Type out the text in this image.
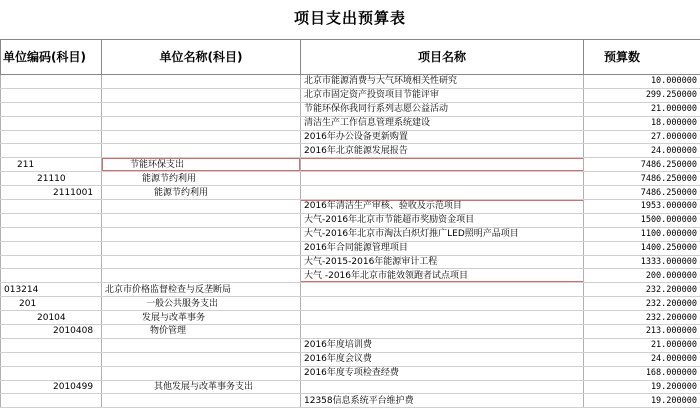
项目支出预算表
单位编码(科目)	单位名称(科目)	项目名称	预算数
		北京市能源消费与大气环境相关性研究	10.000000
		北京市固定资产投资项目节能评审	299.250000
		节能环保你我同行系列志愿公益活动	21.000000
		清洁生产工作信息管理系统建设	18.000000
		2016年办公设备更新购置	27.000000
		2016年北京能源发展报告	24.000000
211	节能环保支出		7486.250000
21110	能源节约利用		7486.250000
2111001	能源节约利用		7486.250000
		2016年清洁生产审核、验收及示范项目	1953.000000
		大气-2016年北京市节能超市奖励资金项目	1500.000000
		大气-2016年北京市淘汰白炽灯推广LED照明产品项目	1100.000000
		2016年合同能源管理项目	1400.250000
		大气-2015-2016年能源审计工程	1333.000000
		大气 -2016年北京市能效领跑者试点项目	200.000000
013214	北京市价格监督检查与反垄断局		232.200000
201	一般公共服务支出		232.200000
20104	发展与改革事务		232.200000
2010408	物价管理		213.000000
		2016年度培训费	21.000000
		2016年度会议费	24.000000
		2016年度专项检查经费	168.000000
2010499	其他发展与改革事务支出		19.200000
		12358信息系统平台维护费	19.200000
